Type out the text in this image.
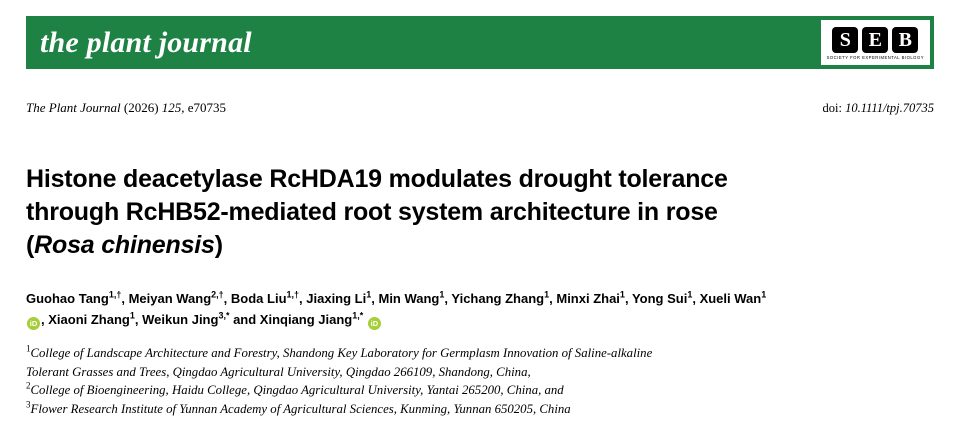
the plant journal	S E B
SOCIETY FOR EXPERIMENTAL BIOLOGY
The Plant Journal (2026) 125, e70735	doi: 10.1111/tpj.70735
Histone deacetylase RcHDA19 modulates drought tolerance
through RcHB52-mediated root system architecture in rose
(Rosa chinensis)
Guohao Tang$^{1,\dagger}$, Meiyan Wang$^{2,\dagger}$, Boda Liu$^{1,\dagger}$, Jiaxing Li$^1$, Min Wang$^1$, Yichang Zhang$^1$, Minxi Zhai$^1$, Yong Sui$^1$, Xueli Wan$^1$
iD , Xiaoni Zhang$^1$, Weikun Jing$^{3,*}$ and Xinqiang Jiang$^{1,*}$ iD
$^1$College of Landscape Architecture and Forestry, Shandong Key Laboratory for Germplasm Innovation of Saline-alkaline
Tolerant Grasses and Trees, Qingdao Agricultural University, Qingdao 266109, Shandong, China,
$^2$College of Bioengineering, Haidu College, Qingdao Agricultural University, Yantai 265200, China, and
$^3$Flower Research Institute of Yunnan Academy of Agricultural Sciences, Kunming, Yunnan 650205, China
